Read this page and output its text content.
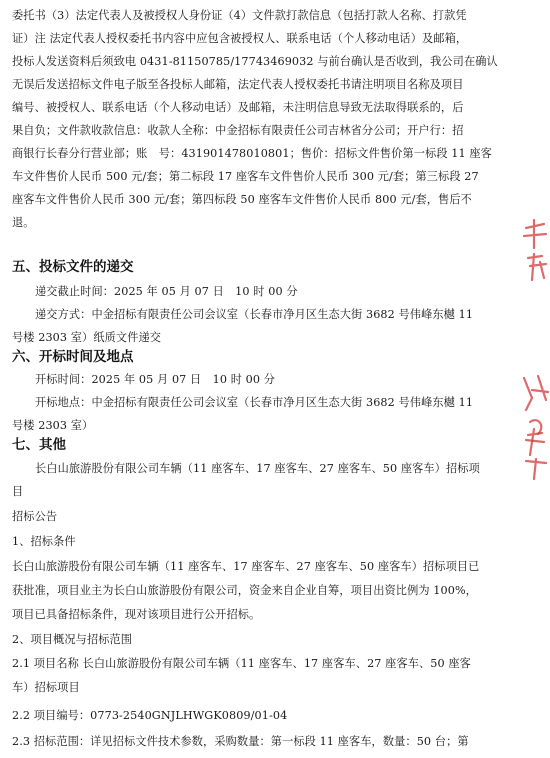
委托书（3）法定代表人及被授权人身份证（4）文件款打款信息（包括打款人名称、打款凭

证）注 法定代表人授权委托书内容中应包含被授权人、联系电话（个人移动电话）及邮箱，

投标人发送资料后须致电 0431-81150785/17743469032 与前台确认是否收到，我公司在确认

无误后发送招标文件电子版至各投标人邮箱，法定代表人授权委托书请注明项目名称及项目

编号、被授权人、联系电话（个人移动电话）及邮箱，未注明信息导致无法取得联系的，后

果自负；文件款收款信息：收款人全称：中金招标有限责任公司吉林省分公司；开户行：招

商银行长春分行营业部；账　号：431901478010801；售价：招标文件售价第一标段 11 座客

车文件售价人民币 500 元/套；第二标段 17 座客车文件售价人民币 300 元/套；第三标段 27

座客车文件售价人民币 300 元/套；第四标段 50 座客车文件售价人民币 800 元/套，售后不

退。

五、投标文件的递交

递交截止时间：2025 年 05 月 07 日　10 时 00 分

递交方式：中金招标有限责任公司会议室（长春市净月区生态大街 3682 号伟峰东樾 11

号楼 2303 室）纸质文件递交

六、开标时间及地点

开标时间：2025 年 05 月 07 日　10 时 00 分

开标地点：中金招标有限责任公司会议室（长春市净月区生态大街 3682 号伟峰东樾 11

号楼 2303 室）

七、其他

长白山旅游股份有限公司车辆（11 座客车、17 座客车、27 座客车、50 座客车）招标项

目

招标公告

1、招标条件

长白山旅游股份有限公司车辆（11 座客车、17 座客车、27 座客车、50 座客车）招标项目已

获批准，项目业主为长白山旅游股份有限公司，资金来自企业自筹，项目出资比例为 100%，

项目已具备招标条件，现对该项目进行公开招标。

2、项目概况与招标范围

2.1 项目名称 长白山旅游股份有限公司车辆（11 座客车、17 座客车、27 座客车、50 座客

车）招标项目

2.2 项目编号：0773-2540GNJLHWGK0809/01-04

2.3 招标范围：详见招标文件技术参数，采购数量：第一标段 11 座客车，数量：50 台；第
